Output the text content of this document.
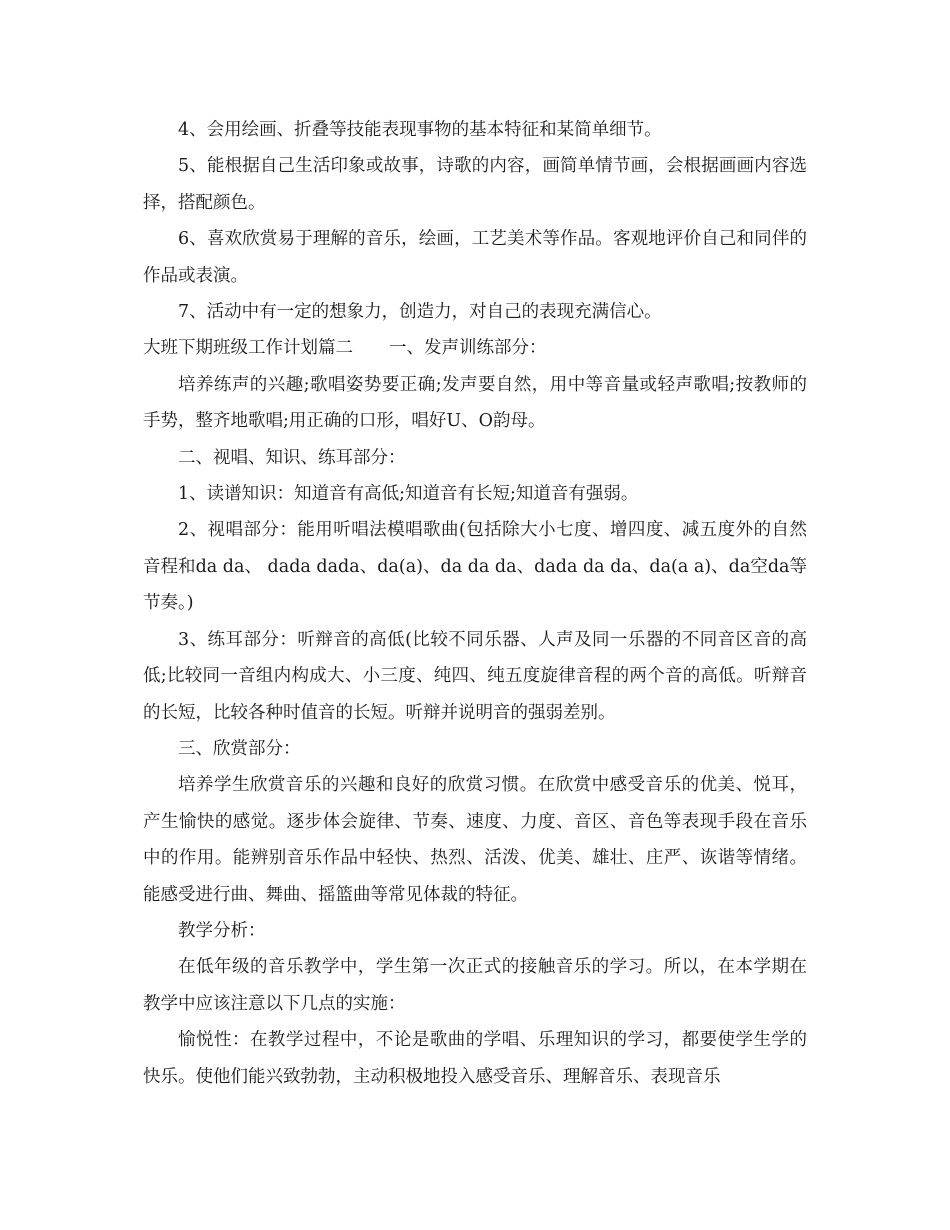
4、会用绘画、折叠等技能表现事物的基本特征和某简单细节。

5、能根据自己生活印象或故事，诗歌的内容，画简单情节画，会根据画画内容选择，搭配颜色。

6、喜欢欣赏易于理解的音乐，绘画，工艺美术等作品。客观地评价自己和同伴的作品或表演。

7、活动中有一定的想象力，创造力，对自己的表现充满信心。

大班下期班级工作计划篇二 一、发声训练部分：

培养练声的兴趣;歌唱姿势要正确;发声要自然，用中等音量或轻声歌唱;按教师的手势，整齐地歌唱;用正确的口形，唱好U、O韵母。

二、视唱、知识、练耳部分：

1、读谱知识：知道音有高低;知道音有长短;知道音有强弱。

2、视唱部分：能用听唱法模唱歌曲(包括除大小七度、增四度、减五度外的自然音程和da da、 dada dada、da(a)、da da da、dada da da、da(a a)、da空da等节奏。)

3、练耳部分：听辩音的高低(比较不同乐器、人声及同一乐器的不同音区音的高低;比较同一音组内构成大、小三度、纯四、纯五度旋律音程的两个音的高低。听辩音的长短，比较各种时值音的长短。听辩并说明音的强弱差别。

三、欣赏部分：

培养学生欣赏音乐的兴趣和良好的欣赏习惯。在欣赏中感受音乐的优美、悦耳，产生愉快的感觉。逐步体会旋律、节奏、速度、力度、音区、音色等表现手段在音乐中的作用。能辨别音乐作品中轻快、热烈、活泼、优美、雄壮、庄严、诙谐等情绪。能感受进行曲、舞曲、摇篮曲等常见体裁的特征。

教学分析：

在低年级的音乐教学中，学生第一次正式的接触音乐的学习。所以，在本学期在教学中应该注意以下几点的实施：

愉悦性：在教学过程中，不论是歌曲的学唱、乐理知识的学习，都要使学生学的 快乐。使他们能兴致勃勃，主动积极地投入感受音乐、理解音乐、表现音乐
